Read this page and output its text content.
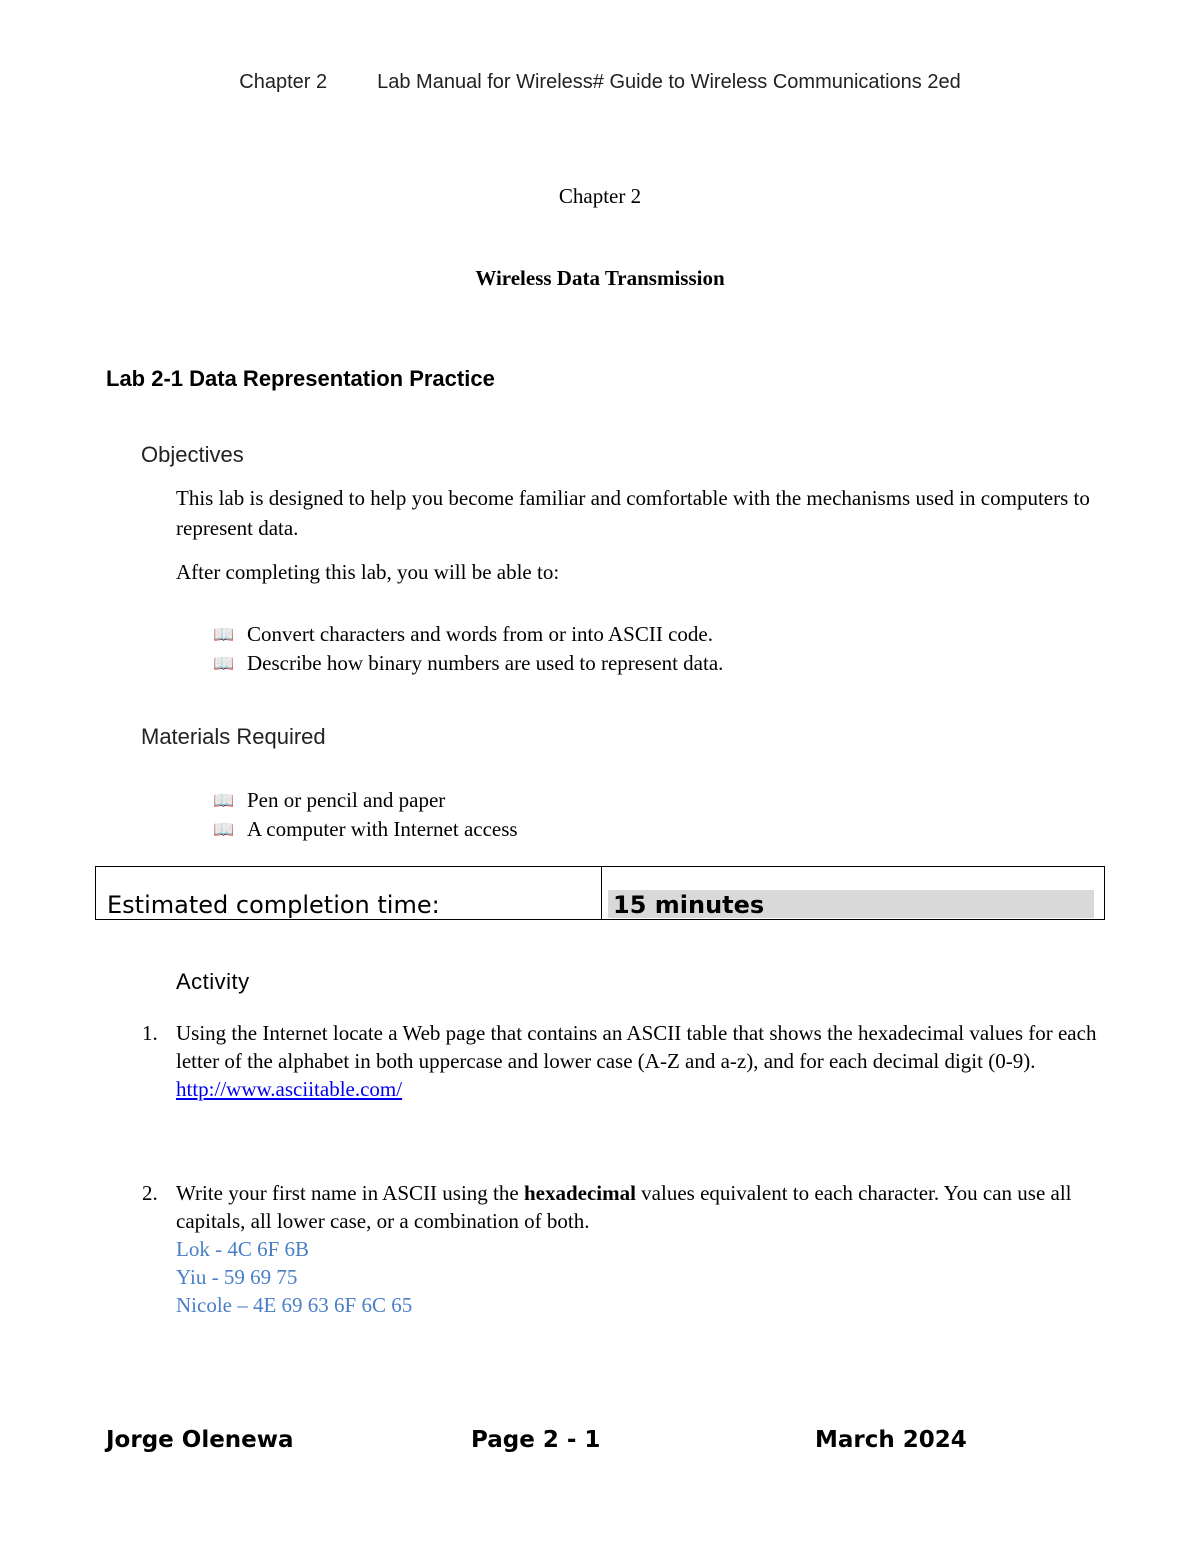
Chapter 2	Lab Manual for Wireless# Guide to Wireless Communications 2ed
Chapter 2
Wireless Data Transmission
Lab 2-1 Data Representation Practice
Objectives
This lab is designed to help you become familiar and comfortable with the mechanisms used in computers to represent data.
After completing this lab, you will be able to:
📖 Convert characters and words from or into ASCII code.
📖 Describe how binary numbers are used to represent data.
Materials Required
📖 Pen or pencil and paper
📖 A computer with Internet access
Estimated completion time:	15 minutes
Activity
1. Using the Internet locate a Web page that contains an ASCII table that shows the hexadecimal values for each letter of the alphabet in both uppercase and lower case (A-Z and a-z), and for each decimal digit (0-9).
http://www.asciitable.com/
2. Write your first name in ASCII using the hexadecimal values equivalent to each character. You can use all capitals, all lower case, or a combination of both.
Lok - 4C 6F 6B
Yiu - 59 69 75
Nicole – 4E 69 63 6F 6C 65
Jorge Olenewa	Page 2 - 1	March 2024
